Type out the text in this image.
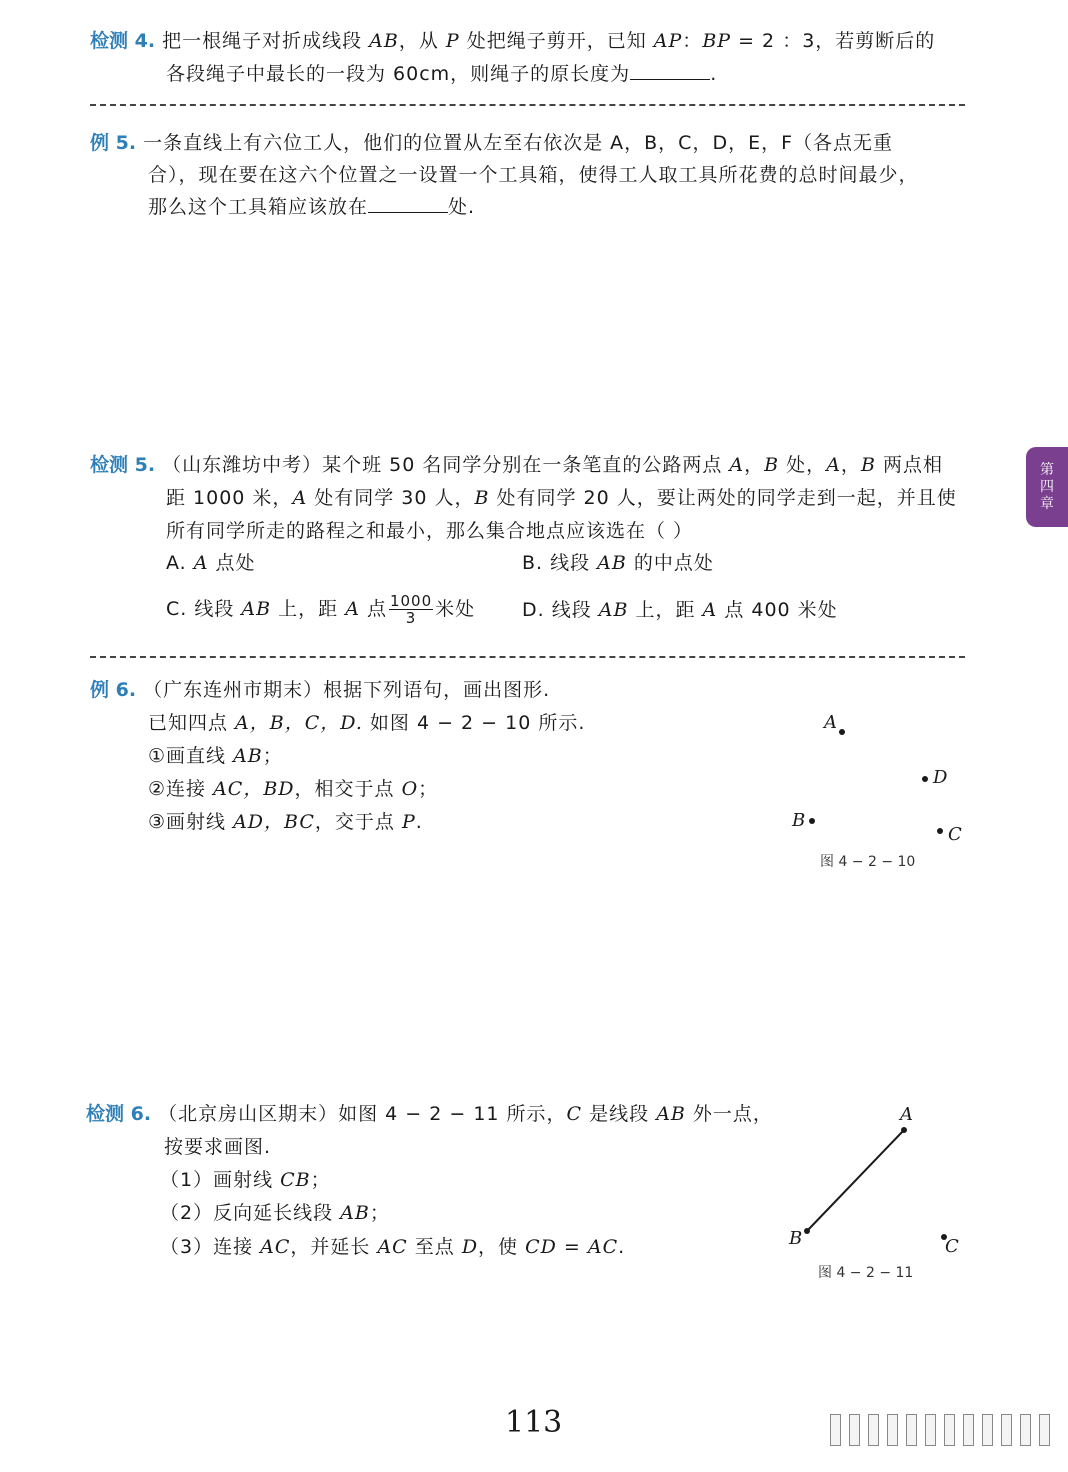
第
四
章
检测 4. 把一根绳子对折成线段 AB，从 P 处把绳子剪开，已知 AP：BP = 2 ：3，若剪断后的
各段绳子中最长的一段为 60cm，则绳子的原长度为	.
例 5. 一条直线上有六位工人，他们的位置从左至右依次是 A，B，C，D，E，F（各点无重
合），现在要在这六个位置之一设置一个工具箱，使得工人取工具所花费的总时间最少，
那么这个工具箱应该放在	处.
检测 5. （山东潍坊中考）某个班 50 名同学分别在一条笔直的公路两点 A，B 处，A，B 两点相
距 1000 米，A 处有同学 30 人，B 处有同学 20 人，要让两处的同学走到一起，并且使
所有同学所走的路程之和最小，那么集合地点应该选在（ ）
A. A 点处	B. 线段 AB 的中点处
C. 线段 AB 上，距 A 点 $\frac{1000}{3}$ 米处 D. 线段 AB 上，距 A 点 400 米处
例 6. （广东连州市期末）根据下列语句，画出图形.
已知四点 A，B，C，D. 如图 4 − 2 − 10 所示.
①画直线 AB；
②连接 AC，BD，相交于点 O；
③画射线 AD，BC，交于点 P.
A
D
B
C
图 4 − 2 − 10
检测 6. （北京房山区期末）如图 4 − 2 − 11 所示，C 是线段 AB 外一点，
按要求画图.
（1）画射线 CB；
（2）反向延长线段 AB；
（3）连接 AC，并延长 AC 至点 D，使 CD = AC.
A
B	C
图 4 − 2 − 11
113
